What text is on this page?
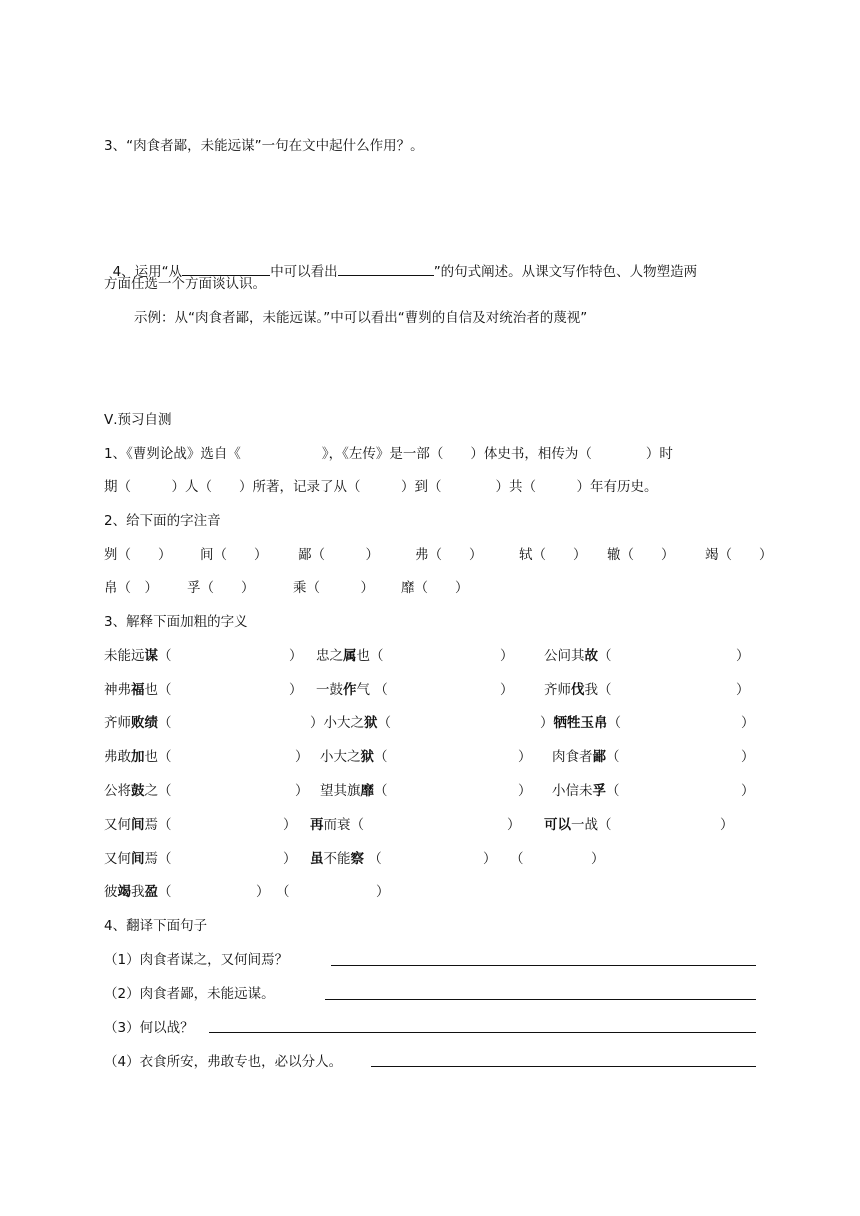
3、“肉食者鄙，未能远谋”一句在文中起什么作用？。

4、运用“从	中可以看出	”的句式阐述。从课文写作特色、人物塑造两

方面任选一个方面谈认识。
示例：从“肉食者鄙，未能远谋。”中可以看出“曹刿的自信及对统治者的蔑视”
Ⅴ.预习自测
1、《曹刿论战》选自《　　　　　　》，《左传》是一部（　　）体史书，相传为（　　　　）时
期（　　　）人（　　）所著，记录了从（　　　）到（　　　　）共（　　　）年有历史。
2、给下面的字注音
刿（　　） 间（　　） 鄙（　　　）	弗（　　）	轼（　　） 辙（　　） 竭（　　）
帛（　） 孚（　　）	乘（　　　） 靡（　　）
3、解释下面加粗的字义
未能远谋（	） 忠之属也（	） 公问其故（	）
神弗福也（	） 一鼓作气 （	） 齐师伐我（	）
齐师败绩（	）小大之狱（	）牺牲玉帛（	）
弗敢加也（	） 小大之狱（	） 肉食者鄙（	）
公将鼓之（	） 望其旗靡（	） 小信未孚（	）
又何间焉（	） 再而衰（	） 可以一战（	）
又何间焉（	） 虽不能察 （	） （	）
彼竭我盈（	） （	）
4、翻译下面句子
（1）肉食者谋之，又何间焉？
（2）肉食者鄙，未能远谋。
（3）何以战？
（4）衣食所安，弗敢专也，必以分人。
